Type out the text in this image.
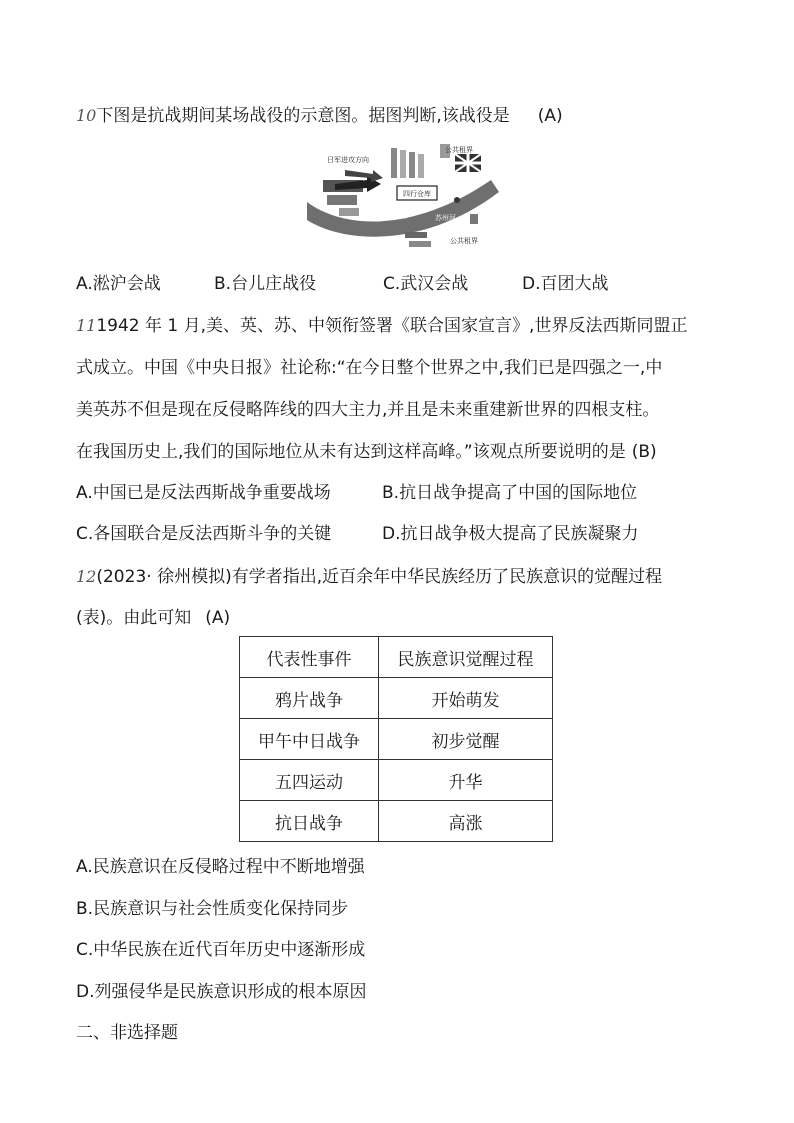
10下图是抗战期间某场战役的示意图。据图判断,该战役是 (A)
四行仓库
日军进攻方向
公共租界
公共租界
交通银行旧址	苏州河
A.淞沪会战	B.台儿庄战役	C.武汉会战	D.百团大战
111942 年 1 月,美、英、苏、中领衔签署《联合国家宣言》,世界反法西斯同盟正
式成立。中国《中央日报》社论称:“在今日整个世界之中,我们已是四强之一,中
美英苏不但是现在反侵略阵线的四大主力,并且是未来重建新世界的四根支柱。
在我国历史上,我们的国际地位从未有达到这样高峰。”该观点所要说明的是 (B)
A.中国已是反法西斯战争重要战场	B.抗日战争提高了中国的国际地位
C.各国联合是反法西斯斗争的关键	D.抗日战争极大提高了民族凝聚力
12(2023· 徐州模拟)有学者指出,近百余年中华民族经历了民族意识的觉醒过程
(表)。由此可知 (A)
代表性事件	民族意识觉醒过程
鸦片战争	开始萌发
甲午中日战争	初步觉醒
五四运动	升华
抗日战争	高涨
A.民族意识在反侵略过程中不断地增强
B.民族意识与社会性质变化保持同步
C.中华民族在近代百年历史中逐渐形成
D.列强侵华是民族意识形成的根本原因
二、非选择题
